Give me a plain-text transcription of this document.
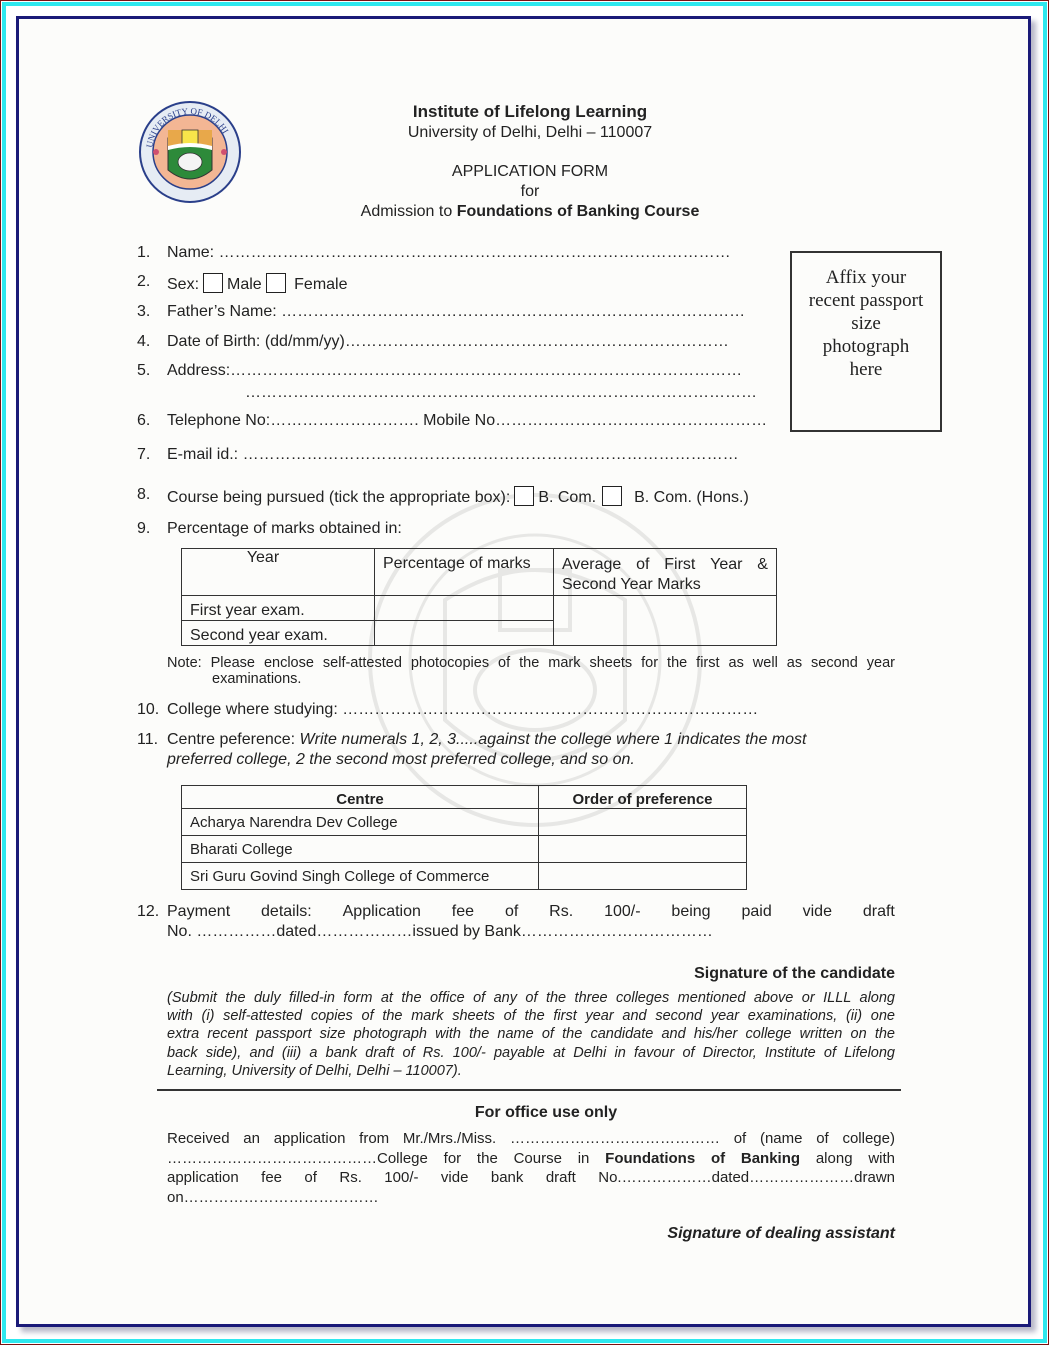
UNIVERSITY OF DELHI
Institute of Lifelong Learning
University of Delhi, Delhi – 110007
APPLICATION FORM
for
Admission to Foundations of Banking Course
Affix your
recent passport
size
photograph
here
1. Name: ……………………………………………………………………………………
2. Sex: Male Female
3. Father’s Name: ……………………………………………………………………………
4. Date of Birth: (dd/mm/yy)………………………………………………………………
5. Address:……………………………………………………………………………………
……………………………………………………………………………………
6. Telephone No:………………………. Mobile No……………………………………………
7. E-mail id.: …………………………………………………………………………………
8. Course being pursued (tick the appropriate box): B. Com. B. Com. (Hons.)
9. Percentage of marks obtained in:
Year	Percentage of marks	Average of First Year &
Second Year Marks

First year exam.		
Second year exam.		
Note: Please enclose self-attested photocopies of the mark sheets for the first as well as second year
examinations.
10. College where studying: ……………………………………………………………………
11. Centre peference: Write numerals 1, 2, 3.....against the college where 1 indicates the most
preferred college, 2 the second most preferred college, and so on.
Centre	Order of preference
Acharya Narendra Dev College	
Bharati College	
Sri Guru Govind Singh College of Commerce	
12. Payment details: Application fee of Rs. 100/- being paid vide draft
No. ……………dated………………issued by Bank………………………………
Signature of the candidate
(Submit the duly filled-in form at the office of any of the three colleges mentioned above or ILLL along
with (i) self-attested copies of the mark sheets of the first year and second year examinations, (ii) one
extra recent passport size photograph with the name of the candidate and his/her college written on the
back side), and (iii) a bank draft of Rs. 100/- payable at Delhi in favour of Director, Institute of Lifelong
Learning, University of Delhi, Delhi – 110007).
For office use only
Received an application from Mr./Mrs./Miss. …………………………………… of (name of college)
……………………………………College for the Course in Foundations of Banking along with
application fee of Rs. 100/- vide bank draft No.………………dated…………………drawn
on…………………………………
Signature of dealing assistant
